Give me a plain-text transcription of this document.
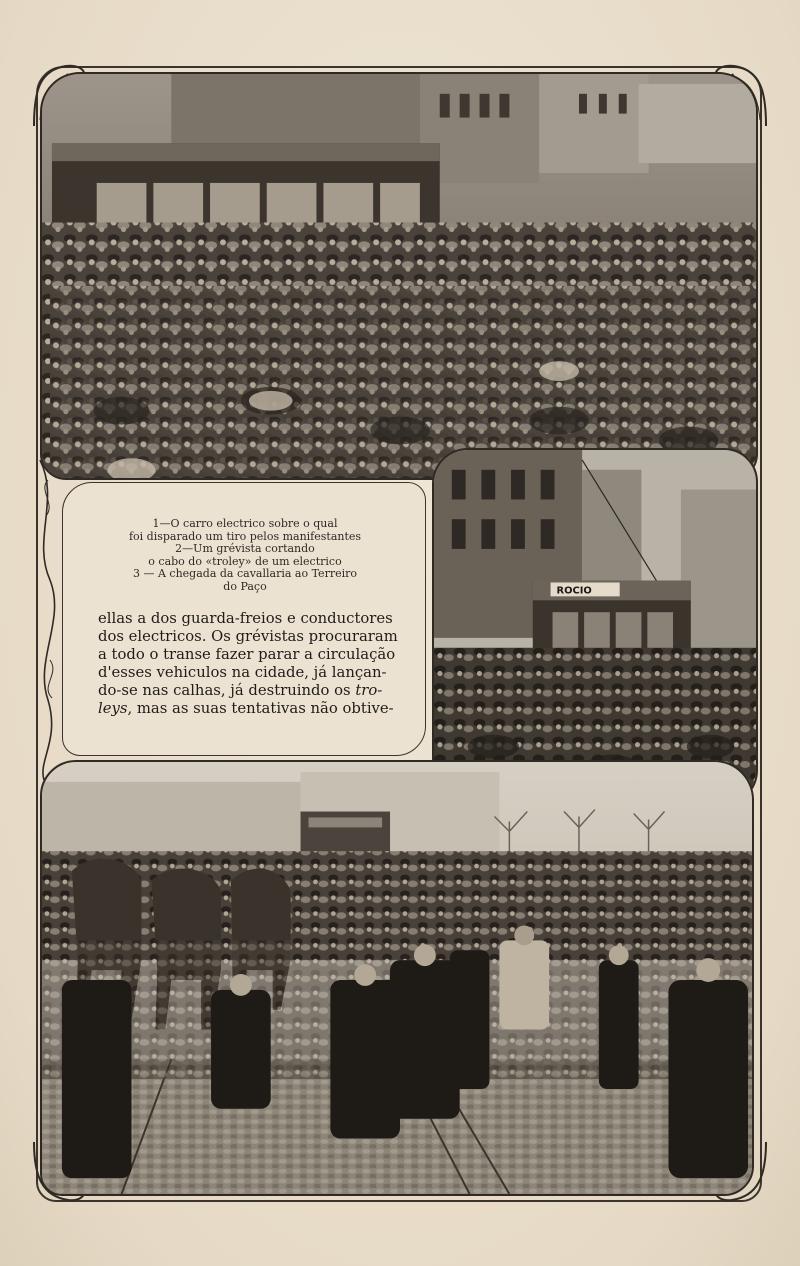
1—O carro electrico sobre o qual
foi disparado um tiro pelos manifestantes
2—Um grévista cortando
o cabo do «troley» de um electrico
3 — A chegada da cavallaria ao Terreiro
do Paço
ellas a dos guarda-freios e conductores
dos electricos. Os grévistas procuraram
a todo o transe fazer parar a circulação
d'esses vehiculos na cidade, já lançan-
do-se nas calhas, já destruindo os tro-
leys, mas as suas tentativas não obtive-
ROCIO
